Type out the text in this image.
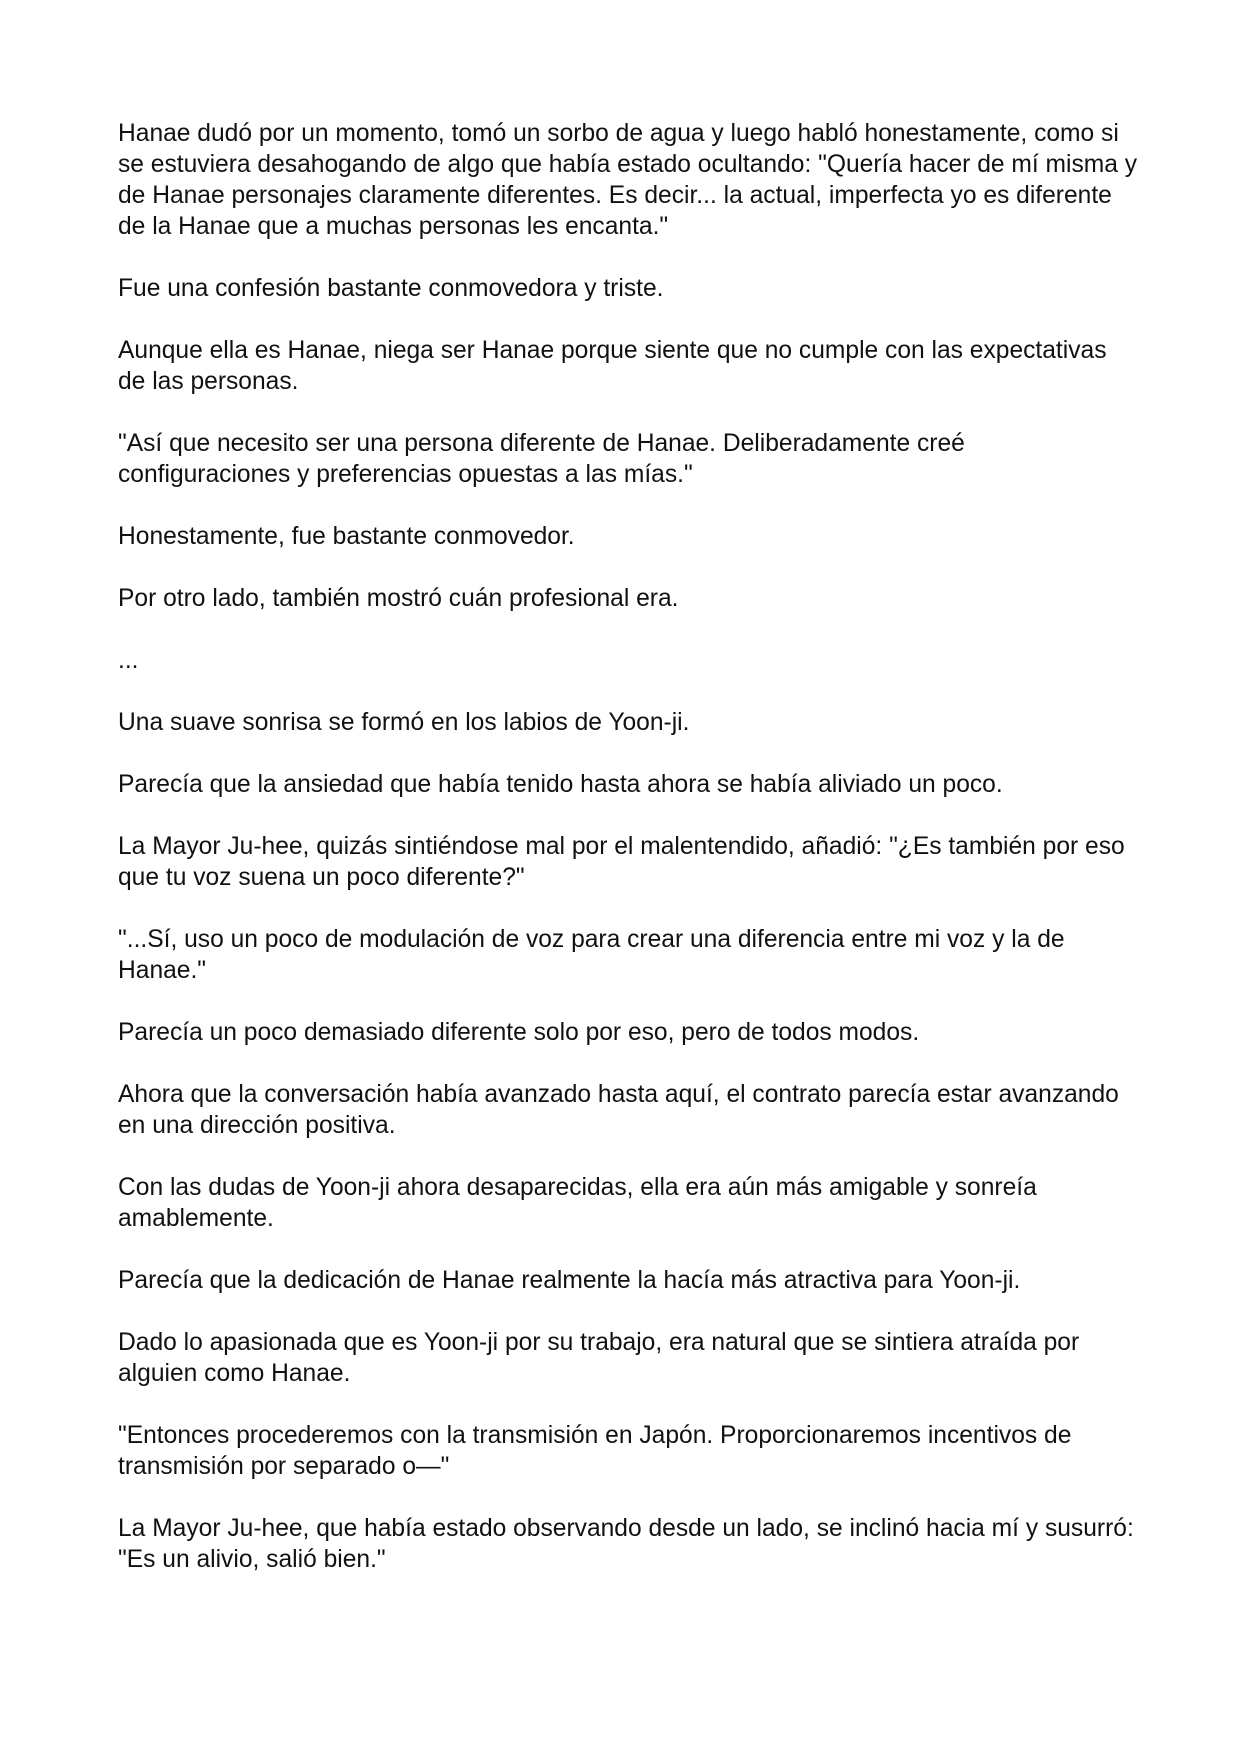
Hanae dudó por un momento, tomó un sorbo de agua y luego habló honestamente, como si se estuviera desahogando de algo que había estado ocultando: "Quería hacer de mí misma y de Hanae personajes claramente diferentes. Es decir... la actual, imperfecta yo es diferente de la Hanae que a muchas personas les encanta."

Fue una confesión bastante conmovedora y triste.

Aunque ella es Hanae, niega ser Hanae porque siente que no cumple con las expectativas de las personas.

"Así que necesito ser una persona diferente de Hanae. Deliberadamente creé configuraciones y preferencias opuestas a las mías."

Honestamente, fue bastante conmovedor.

Por otro lado, también mostró cuán profesional era.

...

Una suave sonrisa se formó en los labios de Yoon-ji.

Parecía que la ansiedad que había tenido hasta ahora se había aliviado un poco.

La Mayor Ju-hee, quizás sintiéndose mal por el malentendido, añadió: "¿Es también por eso que tu voz suena un poco diferente?"

"...Sí, uso un poco de modulación de voz para crear una diferencia entre mi voz y la de Hanae."

Parecía un poco demasiado diferente solo por eso, pero de todos modos.

Ahora que la conversación había avanzado hasta aquí, el contrato parecía estar avanzando en una dirección positiva.

Con las dudas de Yoon-ji ahora desaparecidas, ella era aún más amigable y sonreía amablemente.

Parecía que la dedicación de Hanae realmente la hacía más atractiva para Yoon-ji.

Dado lo apasionada que es Yoon-ji por su trabajo, era natural que se sintiera atraída por alguien como Hanae.

"Entonces procederemos con la transmisión en Japón. Proporcionaremos incentivos de transmisión por separado o—"

La Mayor Ju-hee, que había estado observando desde un lado, se inclinó hacia mí y susurró: "Es un alivio, salió bien."
